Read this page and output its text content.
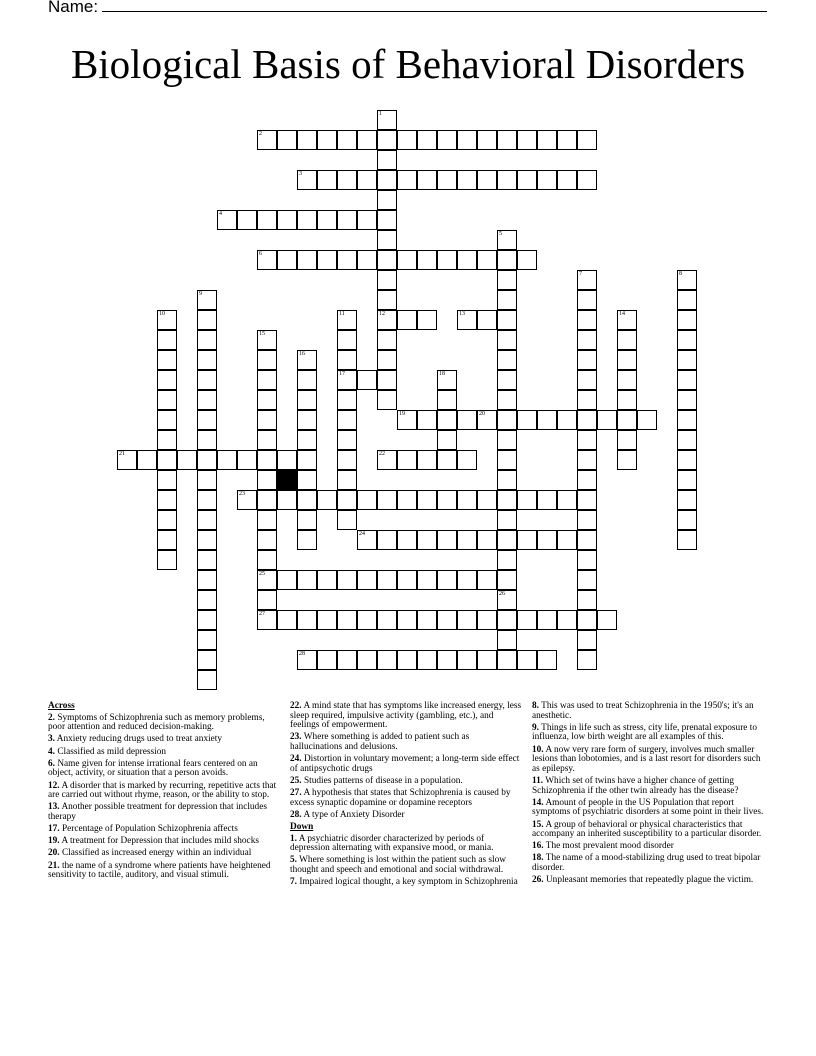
Name:
Biological Basis of Behavioral Disorders
2
3
4
6
12	13
17
19	20
21	22
23
24
25
27
28
1
5
26
7	8
9
10	11	14
15
16
18
Across
2. Symptoms of Schizophrenia such as memory problems, poor attention and reduced decision-making.
3. Anxiety reducing drugs used to treat anxiety
4. Classified as mild depression
6. Name given for intense irrational fears centered on an object, activity, or situation that a person avoids.
12. A disorder that is marked by recurring, repetitive acts that are carried out without rhyme, reason, or the ability to stop.
13. Another possible treatment for depression that includes therapy
17. Percentage of Population Schizophrenia affects
19. A treatment for Depression that includes mild shocks
20. Classified as increased energy within an individual
21. the name of a syndrome where patients have heightened sensitivity to tactile, auditory, and visual stimuli.
22. A mind state that has symptoms like increased energy, less sleep required, impulsive activity (gambling, etc.), and feelings of empowerment.
23. Where something is added to patient such as hallucinations and delusions.
24. Distortion in voluntary movement; a long-term side effect of antipsychotic drugs
25. Studies patterns of disease in a population.
27. A hypothesis that states that Schizophrenia is caused by excess synaptic dopamine or dopamine receptors
28. A type of Anxiety Disorder
Down
1. A psychiatric disorder characterized by periods of depression alternating with expansive mood, or mania.
5. Where something is lost within the patient such as slow thought and speech and emotional and social withdrawal.
7. Impaired logical thought, a key symptom in Schizophrenia
8. This was used to treat Schizophrenia in the 1950's; it's an anesthetic.
9. Things in life such as stress, city life, prenatal exposure to influenza, low birth weight are all examples of this.
10. A now very rare form of surgery, involves much smaller lesions than lobotomies, and is a last resort for disorders such as epilepsy.
11. Which set of twins have a higher chance of getting Schizophrenia if the other twin already has the disease?
14. Amount of people in the US Population that report symptoms of psychiatric disorders at some point in their lives.
15. A group of behavioral or physical characteristics that accompany an inherited susceptibility to a particular disorder.
16. The most prevalent mood disorder
18. The name of a mood-stabilizing drug used to treat bipolar disorder.
26. Unpleasant memories that repeatedly plague the victim.
